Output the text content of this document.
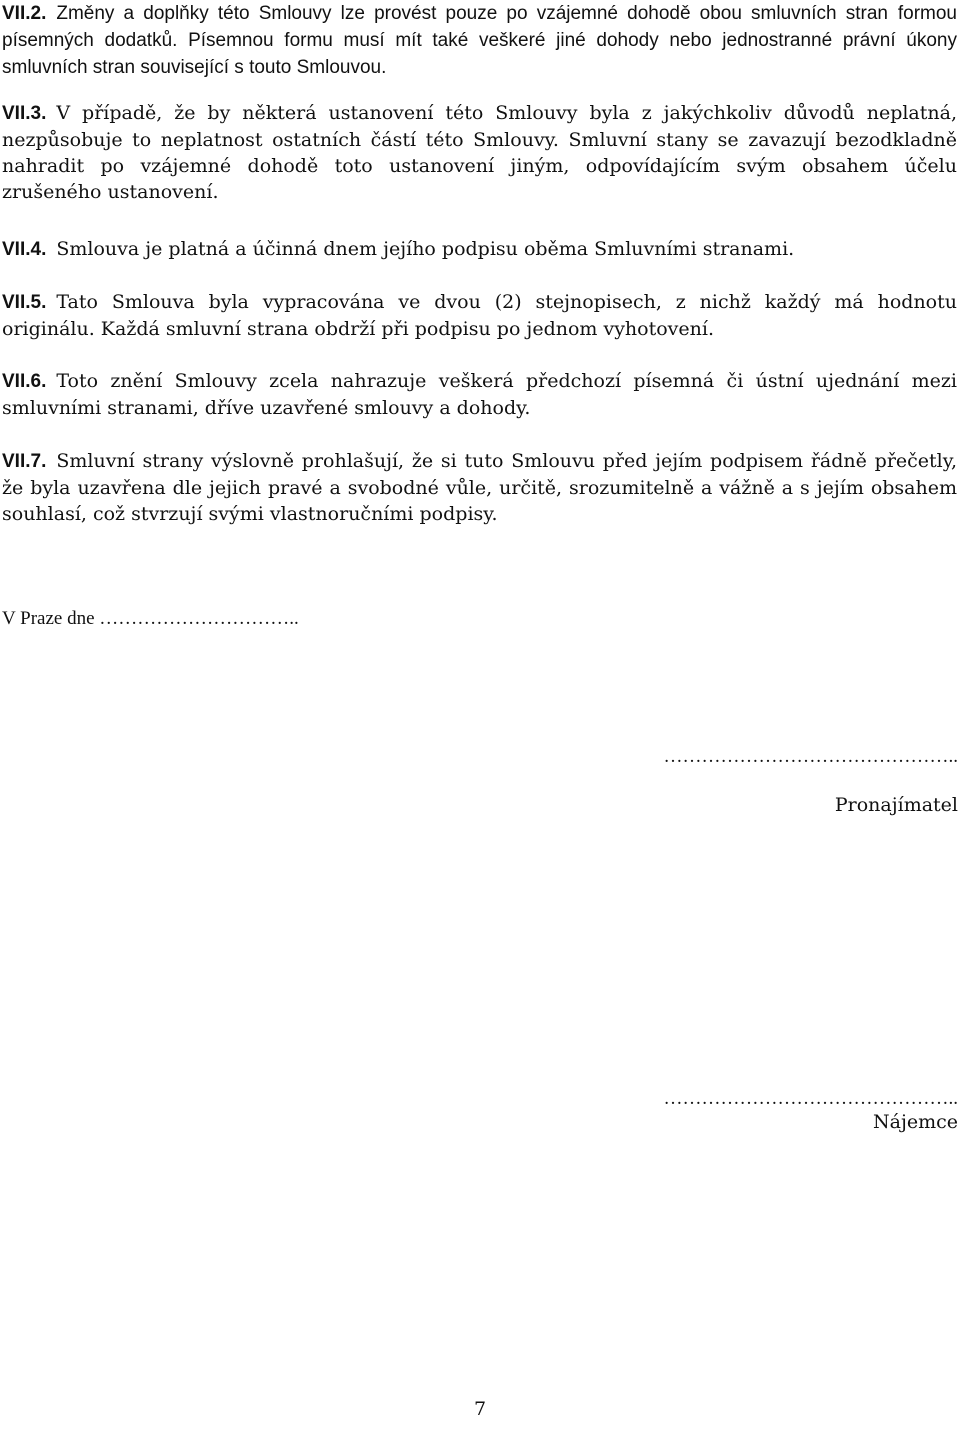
VII.2. Změny a doplňky této Smlouvy lze provést pouze po vzájemné dohodě obou smluvních stran formou písemných dodatků. Písemnou formu musí mít také veškeré jiné dohody nebo jednostranné právní úkony smluvních stran související s touto Smlouvou.

VII.3. V případě, že by některá ustanovení této Smlouvy byla z jakýchkoliv důvodů neplatná, nezpůsobuje to neplatnost ostatních částí této Smlouvy. Smluvní stany se zavazují bezodkladně nahradit po vzájemné dohodě toto ustanovení jiným, odpovídajícím svým obsahem účelu zrušeného ustanovení.

VII.4. Smlouva je platná a účinná dnem jejího podpisu oběma Smluvními stranami.

VII.5. Tato Smlouva byla vypracována ve dvou (2) stejnopisech, z nichž každý má hodnotu originálu. Každá smluvní strana obdrží při podpisu po jednom vyhotovení.

VII.6. Toto znění Smlouvy zcela nahrazuje veškerá předchozí písemná či ústní ujednání mezi smluvními stranami, dříve uzavřené smlouvy a dohody.

VII.7. Smluvní strany výslovně prohlašují, že si tuto Smlouvu před jejím podpisem řádně přečetly, že byla uzavřena dle jejich pravé a svobodné vůle, určitě, srozumitelně a vážně a s jejím obsahem souhlasí, což stvrzují svými vlastnoručními podpisy.

V Praze dne …………………………..
………………………………………..
Pronajímatel
………………………………………..
Nájemce
7
